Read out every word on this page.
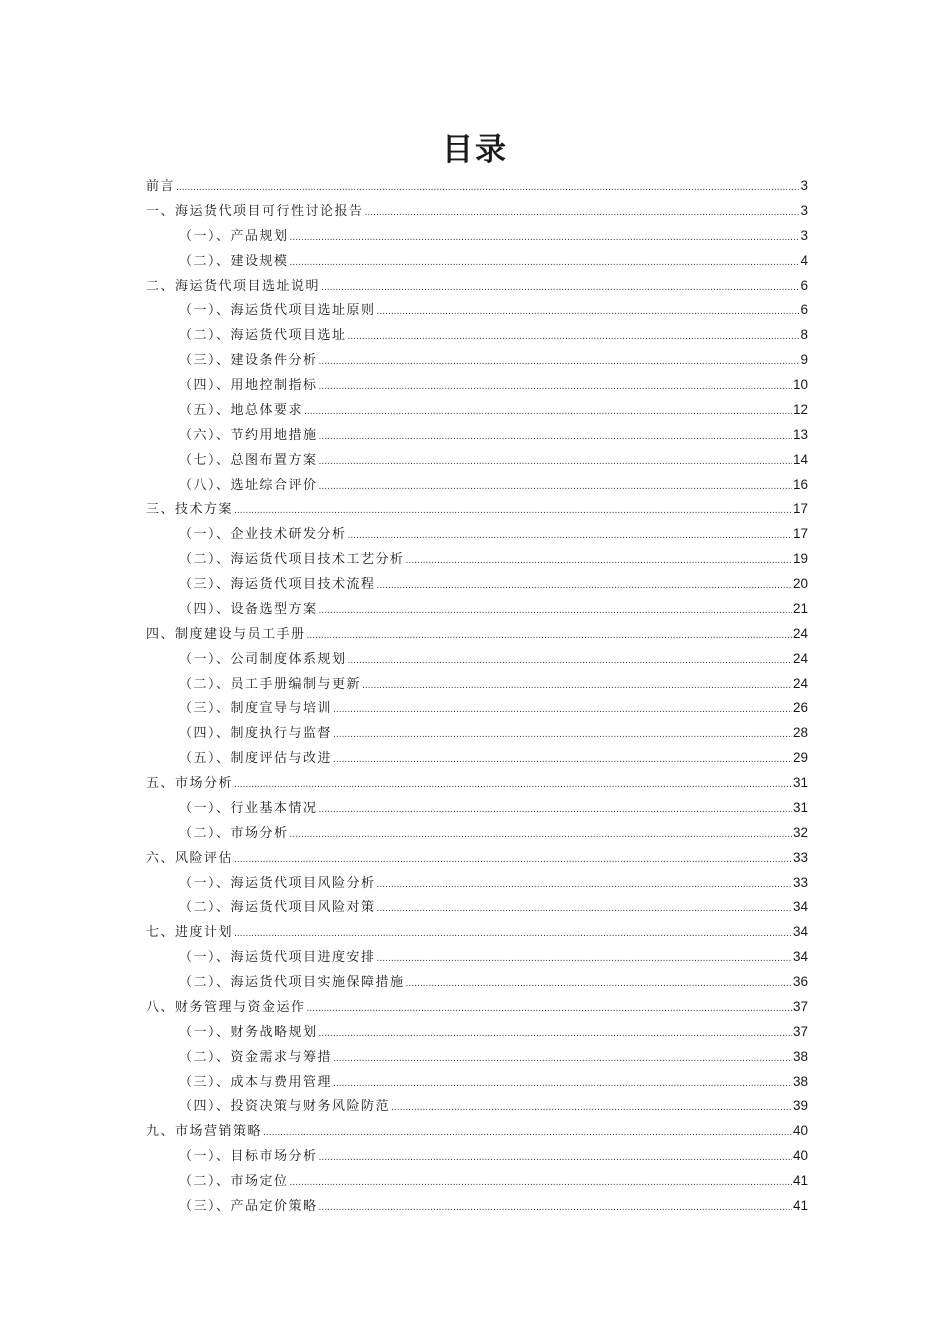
目录
前言 .....	3
一、海运货代项目可行性讨论报告 .....	3
（一）、产品规划 .....	3
（二）、建设规模 .....	4
二、海运货代项目选址说明 .....	6
（一）、海运货代项目选址原则 .....	6
（二）、海运货代项目选址 .....	8
（三）、建设条件分析 .....	9
（四）、用地控制指标 .....	10
（五）、地总体要求 .....	12
（六）、节约用地措施 .....	13
（七）、总图布置方案 .....	14
（八）、选址综合评价 .....	16
三、技术方案 .....	17
（一）、企业技术研发分析 .....	17
（二）、海运货代项目技术工艺分析 .....	19
（三）、海运货代项目技术流程 .....	20
（四）、设备选型方案 .....	21
四、制度建设与员工手册 .....	24
（一）、公司制度体系规划 .....	24
（二）、员工手册编制与更新 .....	24
（三）、制度宣导与培训 .....	26
（四）、制度执行与监督 .....	28
（五）、制度评估与改进 .....	29
五、市场分析 .....	31
（一）、行业基本情况 .....	31
（二）、市场分析 .....	32
六、风险评估 .....	33
（一）、海运货代项目风险分析 .....	33
（二）、海运货代项目风险对策 .....	34
七、进度计划 .....	34
（一）、海运货代项目进度安排 .....	34
（二）、海运货代项目实施保障措施 .....	36
八、财务管理与资金运作 .....	37
（一）、财务战略规划 .....	37
（二）、资金需求与筹措 .....	38
（三）、成本与费用管理 .....	38
（四）、投资决策与财务风险防范 .....	39
九、市场营销策略 .....	40
（一）、目标市场分析 .....	40
（二）、市场定位 .....	41
（三）、产品定价策略 .....	41
